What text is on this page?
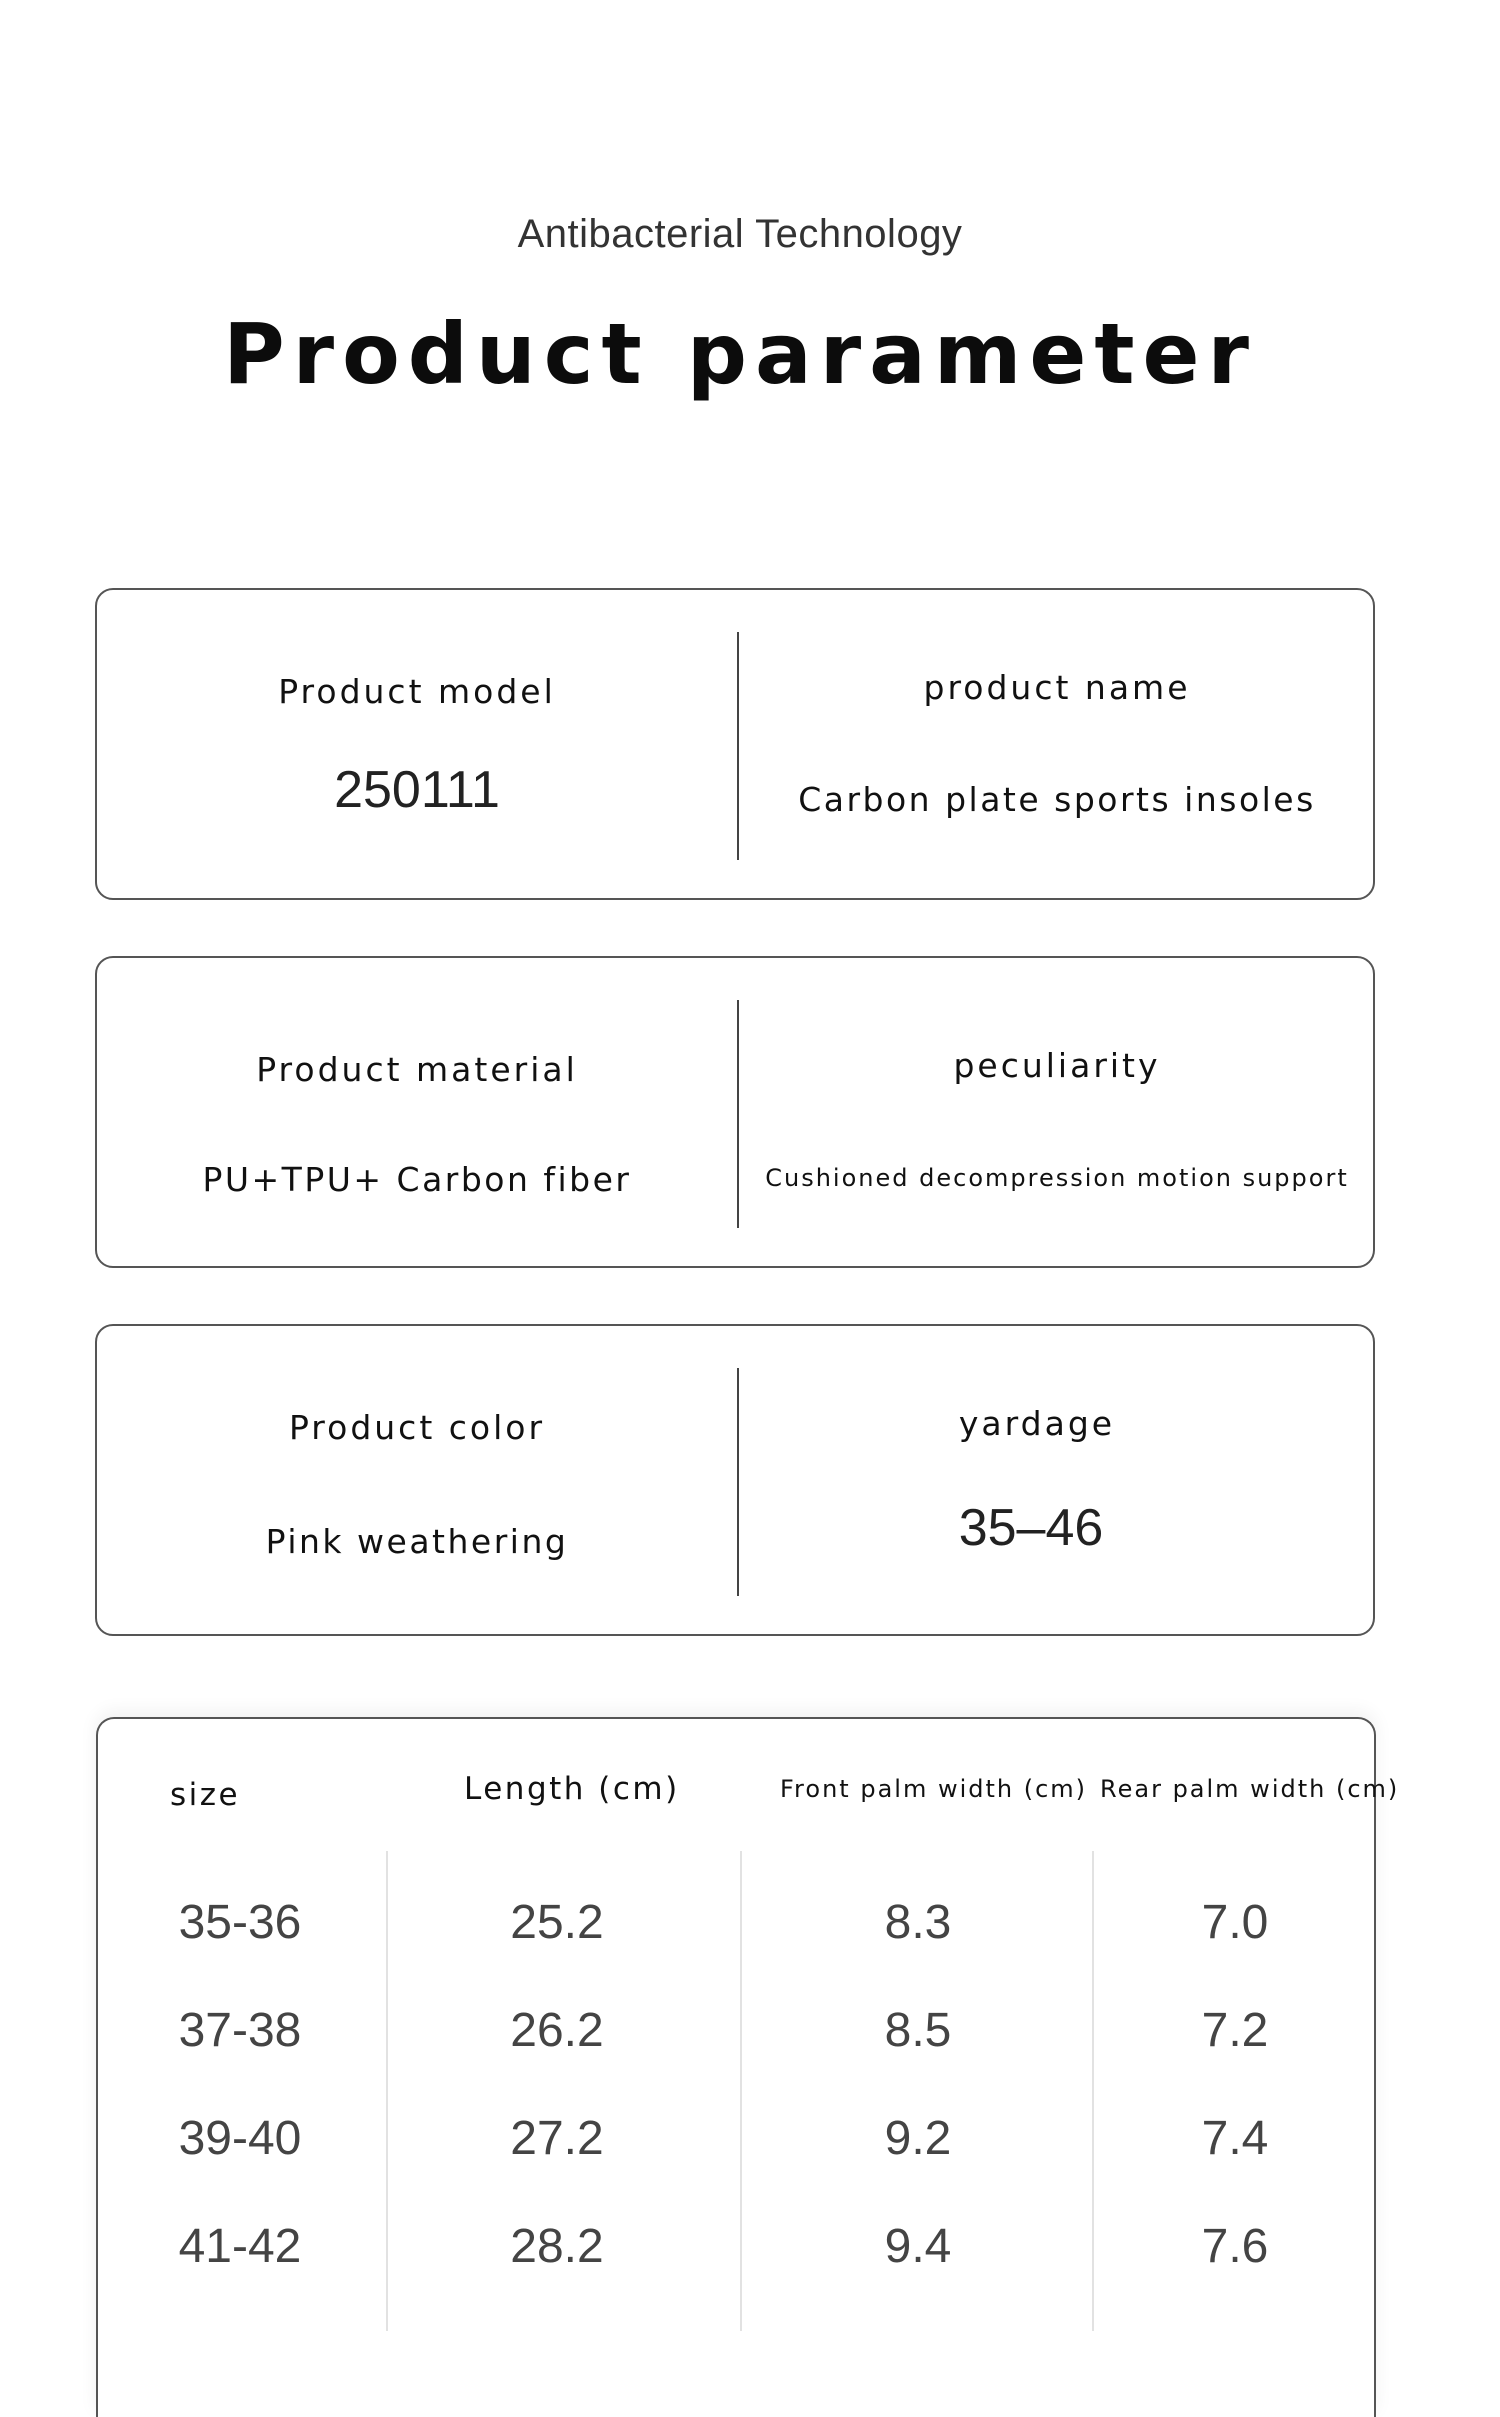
Antibacterial Technology
Product parameter
Product model
250111
product name
Carbon plate sports insoles
Product material
PU+TPU+ Carbon fiber
peculiarity
Cushioned decompression motion support
Product color
Pink weathering
yardage
35–46
size	Length (cm)	Front palm width (cm) Rear palm width (cm)
35-36	25.2	8.3	7.0
37-38	26.2	8.5	7.2
39-40	27.2	9.2	7.4
41-42	28.2	9.4	7.6
